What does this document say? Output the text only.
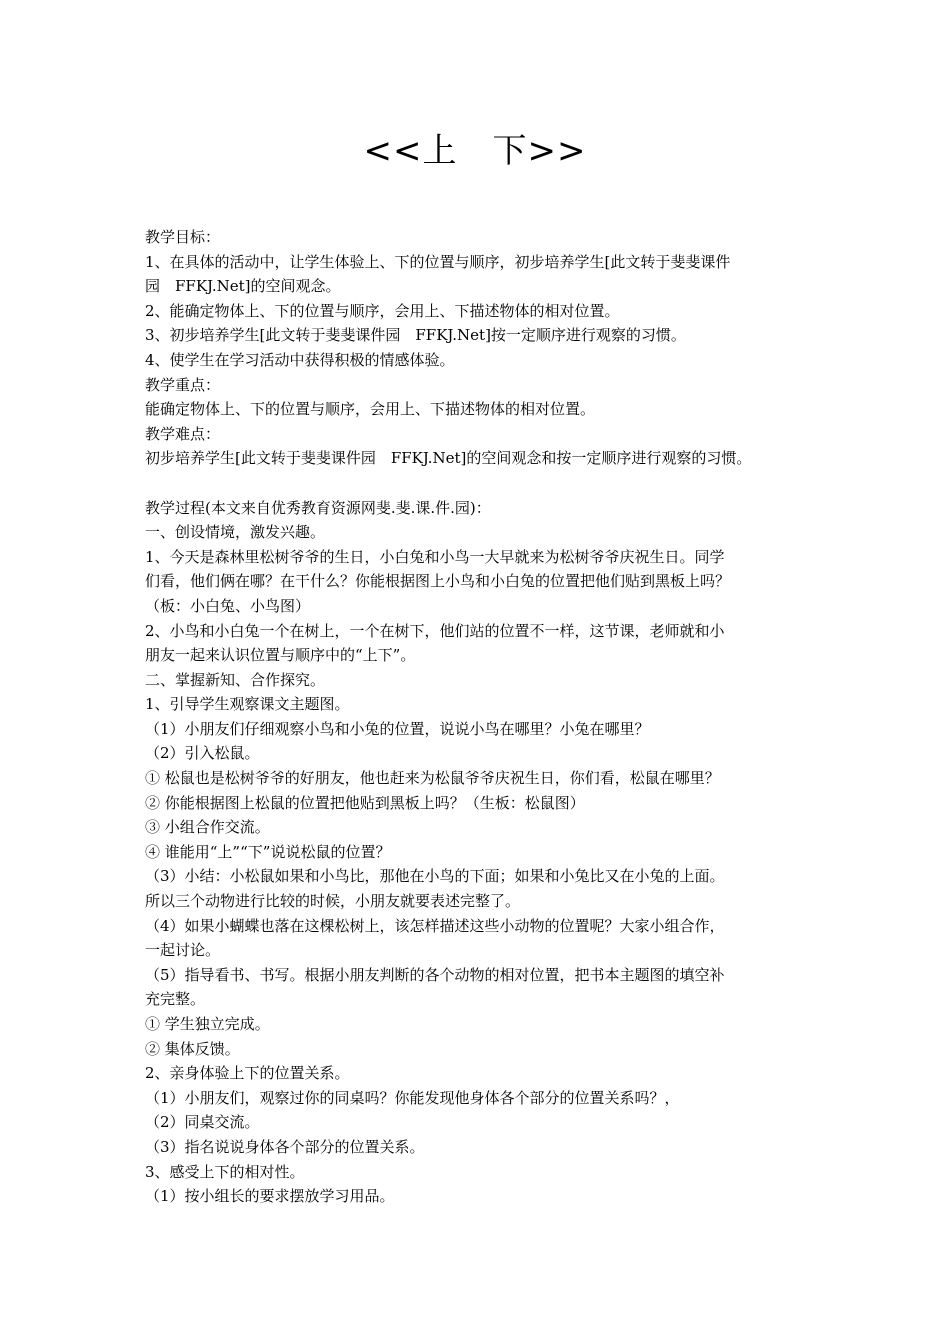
<<上　下>>
教学目标：
1、在具体的活动中，让学生体验上、下的位置与顺序，初步培养学生[此文转于斐斐课件
园　FFKJ.Net]的空间观念。
2、能确定物体上、下的位置与顺序，会用上、下描述物体的相对位置。
3、初步培养学生[此文转于斐斐课件园　FFKJ.Net]按一定顺序进行观察的习惯。
4、使学生在学习活动中获得积极的情感体验。
教学重点：
能确定物体上、下的位置与顺序，会用上、下描述物体的相对位置。
教学难点：
初步培养学生[此文转于斐斐课件园　FFKJ.Net]的空间观念和按一定顺序进行观察的习惯。
教学过程(本文来自优秀教育资源网斐.斐.课.件.园)：
一、创设情境，激发兴趣。
1、今天是森林里松树爷爷的生日，小白兔和小鸟一大早就来为松树爷爷庆祝生日。同学
们看，他们俩在哪？在干什么？你能根据图上小鸟和小白兔的位置把他们贴到黑板上吗？
（板：小白兔、小鸟图）
2、小鸟和小白兔一个在树上，一个在树下，他们站的位置不一样，这节课，老师就和小
朋友一起来认识位置与顺序中的“上下”。
二、掌握新知、合作探究。
1、引导学生观察课文主题图。
（1）小朋友们仔细观察小鸟和小兔的位置，说说小鸟在哪里？小兔在哪里？
（2）引入松鼠。
① 松鼠也是松树爷爷的好朋友，他也赶来为松鼠爷爷庆祝生日，你们看，松鼠在哪里？
② 你能根据图上松鼠的位置把他贴到黑板上吗？（生板：松鼠图）
③ 小组合作交流。
④ 谁能用“上”“下”说说松鼠的位置？
（3）小结：小松鼠如果和小鸟比，那他在小鸟的下面；如果和小兔比又在小兔的上面。
所以三个动物进行比较的时候，小朋友就要表述完整了。
（4）如果小蝴蝶也落在这棵松树上，该怎样描述这些小动物的位置呢？大家小组合作，
一起讨论。
（5）指导看书、书写。根据小朋友判断的各个动物的相对位置，把书本主题图的填空补
充完整。
① 学生独立完成。
② 集体反馈。
2、亲身体验上下的位置关系。
（1）小朋友们，观察过你的同桌吗？你能发现他身体各个部分的位置关系吗？，
（2）同桌交流。
（3）指名说说身体各个部分的位置关系。
3、感受上下的相对性。
（1）按小组长的要求摆放学习用品。
